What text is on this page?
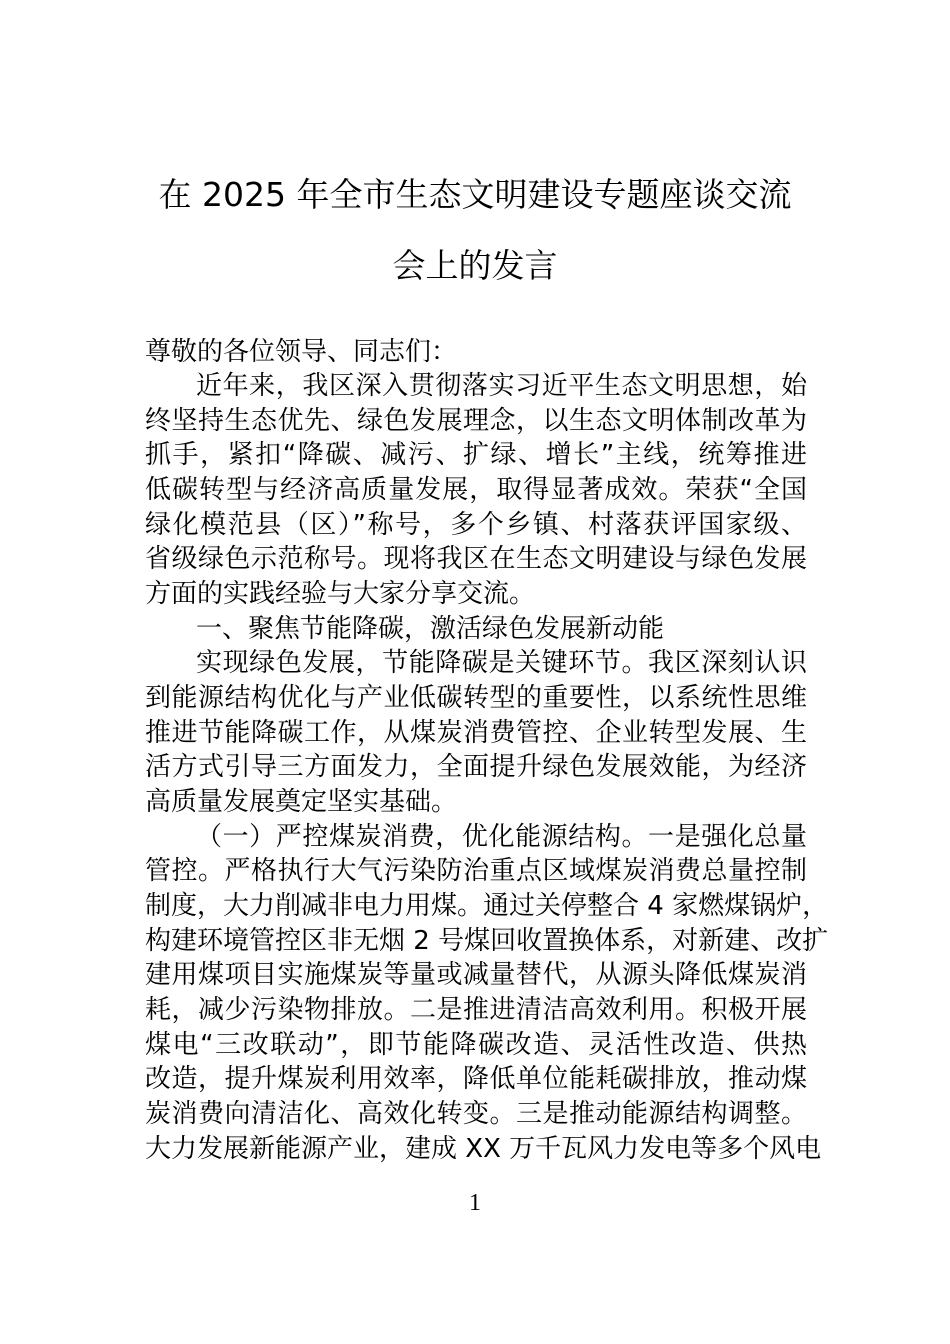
在 2025 年全市生态文明建设专题座谈交流
会上的发言
尊敬的各位领导、同志们：
近年来，我区深入贯彻落实习近平生态文明思想，始
终坚持生态优先、绿色发展理念，以生态文明体制改革为
抓手，紧扣“降碳、减污、扩绿、增长”主线，统筹推进
低碳转型与经济高质量发展，取得显著成效。荣获“全国
绿化模范县（区）”称号，多个乡镇、村落获评国家级、
省级绿色示范称号。现将我区在生态文明建设与绿色发展
方面的实践经验与大家分享交流。
一、聚焦节能降碳，激活绿色发展新动能
实现绿色发展，节能降碳是关键环节。我区深刻认识
到能源结构优化与产业低碳转型的重要性，以系统性思维
推进节能降碳工作，从煤炭消费管控、企业转型发展、生
活方式引导三方面发力，全面提升绿色发展效能，为经济
高质量发展奠定坚实基础。
（一）严控煤炭消费，优化能源结构。一是强化总量
管控。严格执行大气污染防治重点区域煤炭消费总量控制
制度，大力削减非电力用煤。通过关停整合 4 家燃煤锅炉，
构建环境管控区非无烟 2 号煤回收置换体系，对新建、改扩
建用煤项目实施煤炭等量或减量替代，从源头降低煤炭消
耗，减少污染物排放。二是推进清洁高效利用。积极开展
煤电“三改联动”，即节能降碳改造、灵活性改造、供热
改造，提升煤炭利用效率，降低单位能耗碳排放，推动煤
炭消费向清洁化、高效化转变。三是推动能源结构调整。
大力发展新能源产业，建成 XX 万千瓦风力发电等多个风电
1
